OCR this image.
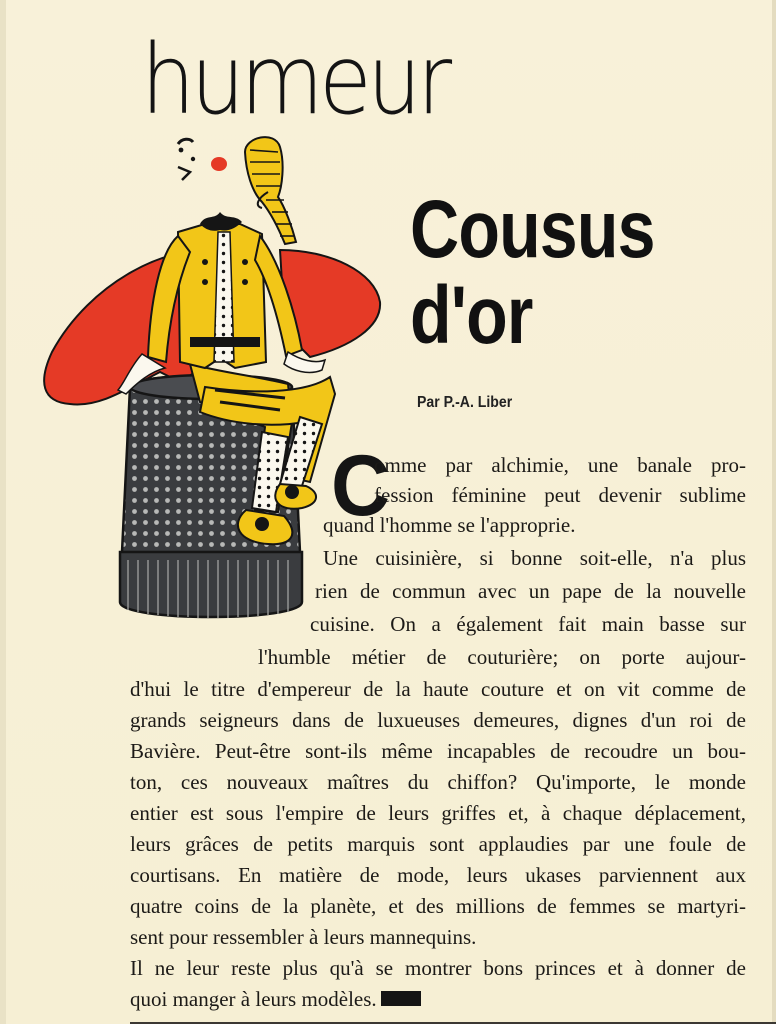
humeur
Cousus
d'or
Par P.-A. Liber
C
omme par alchimie, une banale pro-
fession féminine peut devenir sublime
quand l'homme se l'approprie.
Une cuisinière, si bonne soit-elle, n'a plus
rien de commun avec un pape de la nouvelle
cuisine. On a également fait main basse sur
l'humble métier de couturière; on porte aujour-
d'hui le titre d'empereur de la haute couture et on vit comme de
grands seigneurs dans de luxueuses demeures, dignes d'un roi de
Bavière. Peut-être sont-ils même incapables de recoudre un bou-
ton, ces nouveaux maîtres du chiffon? Qu'importe, le monde
entier est sous l'empire de leurs griffes et, à chaque déplacement,
leurs grâces de petits marquis sont applaudies par une foule de
courtisans. En matière de mode, leurs ukases parviennent aux
quatre coins de la planète, et des millions de femmes se martyri-
sent pour ressembler à leurs mannequins.
Il ne leur reste plus qu'à se montrer bons princes et à donner de
quoi manger à leurs modèles.
